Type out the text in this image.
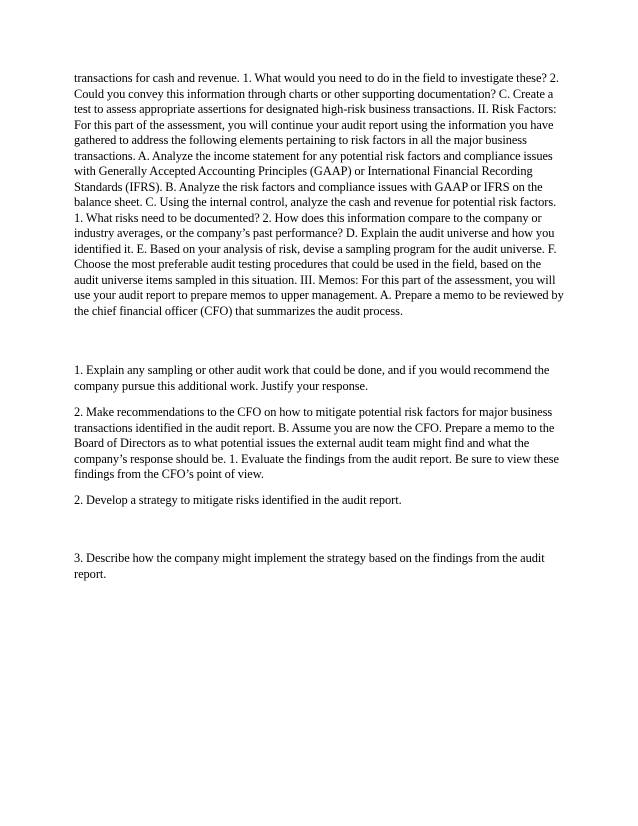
transactions for cash and revenue. 1. What would you need to do in the field to investigate these? 2. Could you convey this information through charts or other supporting documentation? C. Create a test to assess appropriate assertions for designated high-risk business transactions. II. Risk Factors: For this part of the assessment, you will continue your audit report using the information you have gathered to address the following elements pertaining to risk factors in all the major business transactions. A. Analyze the income statement for any potential risk factors and compliance issues with Generally Accepted Accounting Principles (GAAP) or International Financial Recording Standards (IFRS). B. Analyze the risk factors and compliance issues with GAAP or IFRS on the balance sheet. C. Using the internal control, analyze the cash and revenue for potential risk factors. 1. What risks need to be documented? 2. How does this information compare to the company or industry averages, or the company’s past performance? D. Explain the audit universe and how you identified it. E. Based on your analysis of risk, devise a sampling program for the audit universe. F. Choose the most preferable audit testing procedures that could be used in the field, based on the audit universe items sampled in this situation. III. Memos: For this part of the assessment, you will use your audit report to prepare memos to upper management. A. Prepare a memo to be reviewed by the chief financial officer (CFO) that summarizes the audit process.
1. Explain any sampling or other audit work that could be done, and if you would recommend the company pursue this additional work. Justify your response.
2. Make recommendations to the CFO on how to mitigate potential risk factors for major business transactions identified in the audit report. B. Assume you are now the CFO. Prepare a memo to the Board of Directors as to what potential issues the external audit team might find and what the company’s response should be. 1. Evaluate the findings from the audit report. Be sure to view these findings from the CFO’s point of view.
2. Develop a strategy to mitigate risks identified in the audit report.
3. Describe how the company might implement the strategy based on the findings from the audit report.
